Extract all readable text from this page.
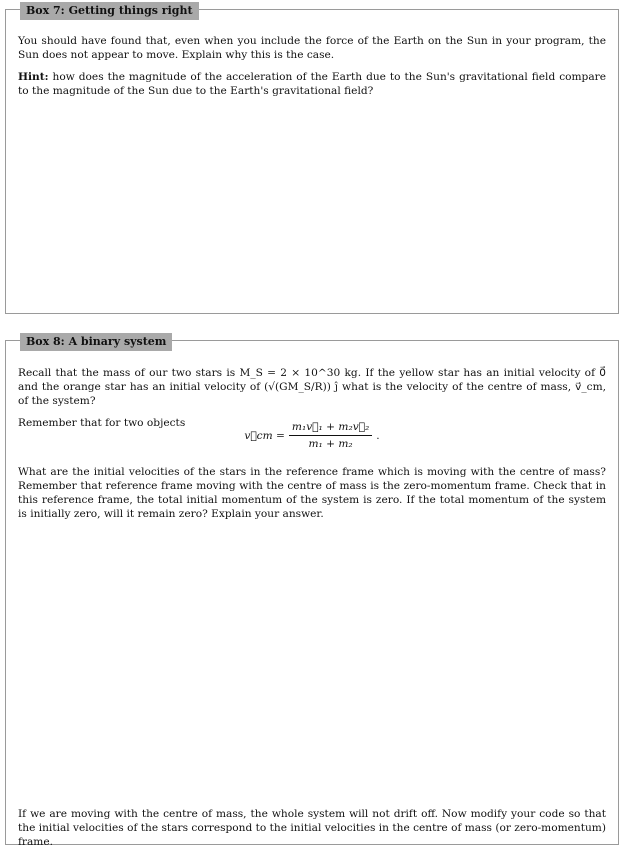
Box 7: Getting things right

You should have found that, even when you include the force of the Earth on the Sun in your program, the Sun does not appear to move. Explain why this is the case.

Hint: how does the magnitude of the acceleration of the Earth due to the Sun's gravitational field compare to the magnitude of the Sun due to the Earth's gravitational field?

Box 8: A binary system

Recall that the mass of our two stars is M_S = 2 × 10^30 kg. If the yellow star has an initial velocity of 0⃗ and the orange star has an initial velocity of (√(GM_S/R)) ĵ what is the velocity of the centre of mass, v⃗_cm, of the system?

Remember that for two objects

v⃗cm = $\frac{\text{m₁v⃗₁ + m₂v⃗₂}}{\text{m₁ + m₂}}$ .

What are the initial velocities of the stars in the reference frame which is moving with the centre of mass? Remember that reference frame moving with the centre of mass is the zero-momentum frame. Check that in this reference frame, the total initial momentum of the system is zero. If the total momentum of the system is initially zero, will it remain zero? Explain your answer.

If we are moving with the centre of mass, the whole system will not drift off. Now modify your code so that the initial velocities of the stars correspond to the initial velocities in the centre of mass (or zero-momentum) frame.
